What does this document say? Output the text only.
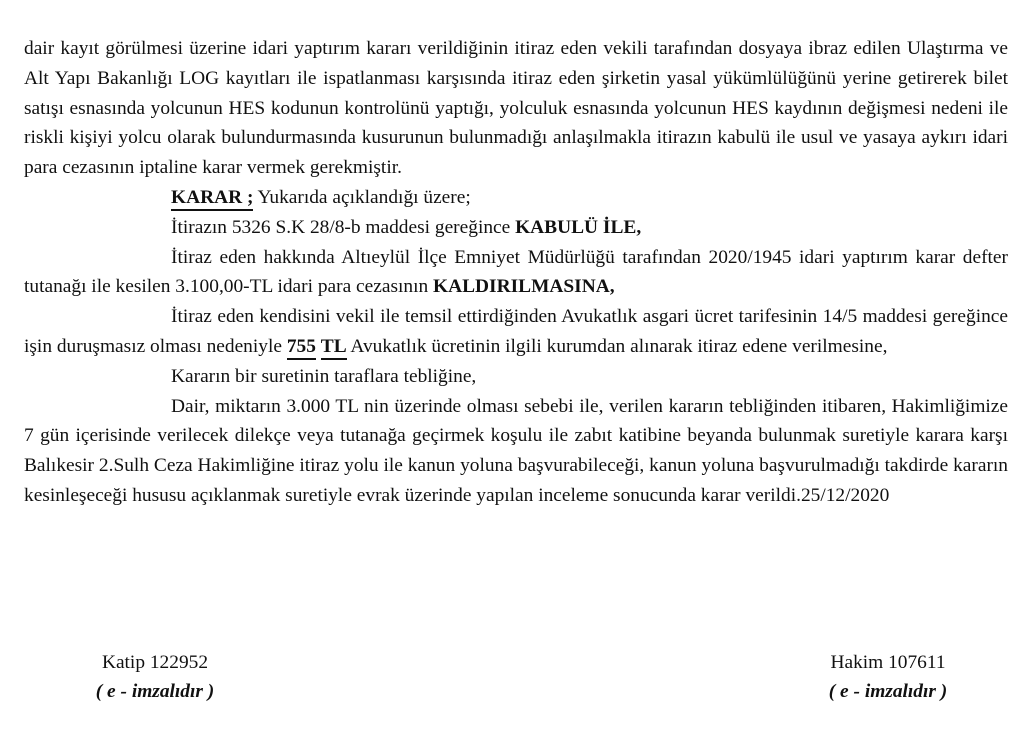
dair kayıt görülmesi üzerine idari yaptırım kararı verildiğinin itiraz eden vekili tarafından dosyaya ibraz edilen Ulaştırma ve Alt Yapı Bakanlığı LOG kayıtları ile ispatlanması karşısında itiraz eden şirketin yasal yükümlülüğünü yerine getirerek bilet satışı esnasında yolcunun HES kodunun kontrolünü yaptığı, yolculuk esnasında yolcunun HES kaydının değişmesi nedeni ile riskli kişiyi yolcu olarak bulundurmasında kusurunun bulunmadığı anlaşılmakla itirazın kabulü ile usul ve yasaya aykırı idari para cezasının iptaline karar vermek gerekmiştir.

KARAR ; Yukarıda açıklandığı üzere;

İtirazın 5326 S.K 28/8-b maddesi gereğince KABULÜ İLE,

İtiraz eden hakkında Altıeylül İlçe Emniyet Müdürlüğü tarafından 2020/1945 idari yaptırım karar defter tutanağı ile kesilen 3.100,00-TL idari para cezasının KALDIRILMASINA,

İtiraz eden kendisini vekil ile temsil ettirdiğinden Avukatlık asgari ücret tarifesinin 14/5 maddesi gereğince işin duruşmasız olması nedeniyle 755 TL Avukatlık ücretinin ilgili kurumdan alınarak itiraz edene verilmesine,

Kararın bir suretinin taraflara tebliğine,

Dair, miktarın 3.000 TL nin üzerinde olması sebebi ile, verilen kararın tebliğinden itibaren, Hakimliğimize 7 gün içerisinde verilecek dilekçe veya tutanağa geçirmek koşulu ile zabıt katibine beyanda bulunmak suretiyle karara karşı Balıkesir 2.Sulh Ceza Hakimliğine itiraz yolu ile kanun yoluna başvurabileceği, kanun yoluna başvurulmadığı takdirde kararın kesinleşeceği hususu açıklanmak suretiyle evrak üzerinde yapılan inceleme sonucunda karar verildi.25/12/2020

Katip 122952
( e - imzalıdır )
Hakim 107611
( e - imzalıdır )
